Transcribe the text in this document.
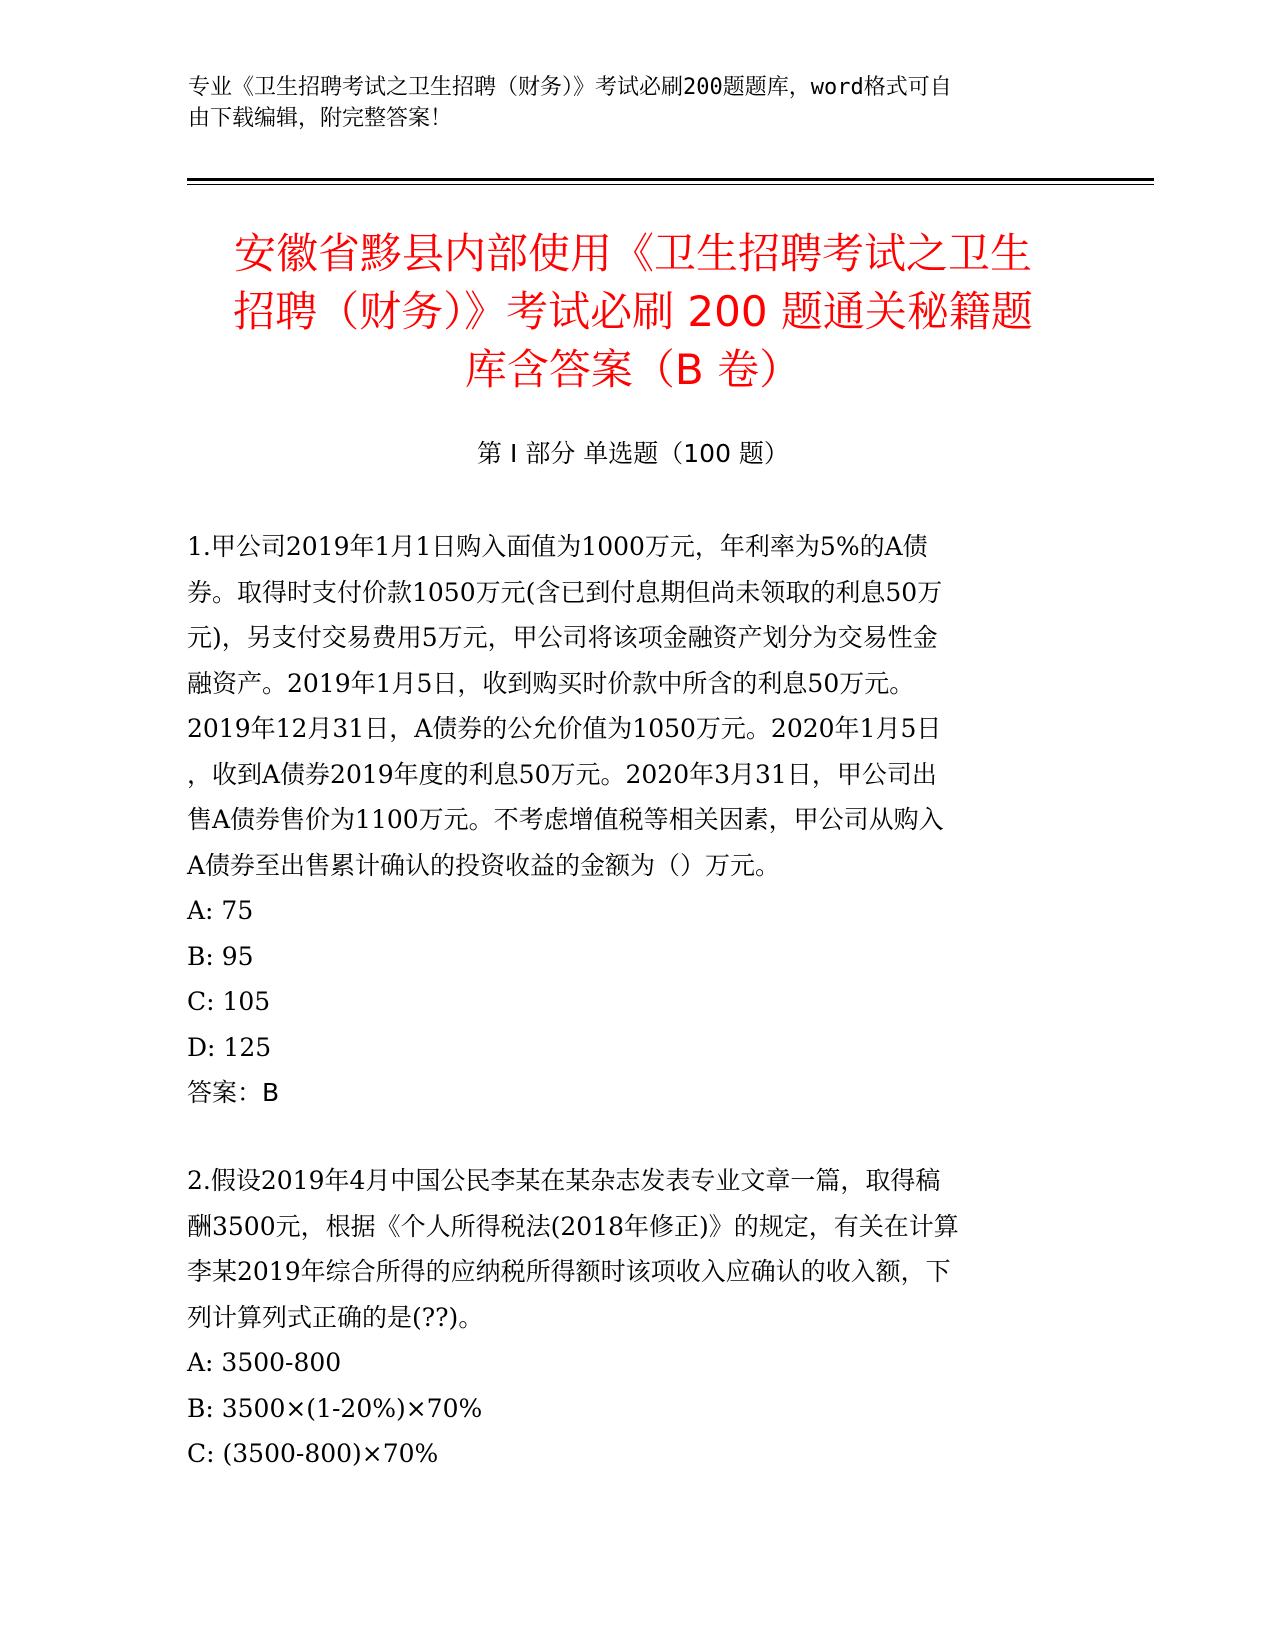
专业《卫生招聘考试之卫生招聘（财务）》考试必刷200题题库，word格式可自
由下载编辑，附完整答案！
安徽省黟县内部使用《卫生招聘考试之卫生
招聘（财务）》考试必刷 200 题通关秘籍题
库含答案（B 卷）
第 I 部分 单选题（100 题）
1.甲公司2019年1月1日购入面值为1000万元，年利率为5%的A债
券。取得时支付价款1050万元(含已到付息期但尚未领取的利息50万
元)，另支付交易费用5万元，甲公司将该项金融资产划分为交易性金
融资产。2019年1月5日，收到购买时价款中所含的利息50万元。
2019年12月31日，A债券的公允价值为1050万元。2020年1月5日
，收到A债券2019年度的利息50万元。2020年3月31日，甲公司出
售A债券售价为1100万元。不考虑增值税等相关因素，甲公司从购入
A债券至出售累计确认的投资收益的金额为（）万元。
A: 75
B: 95
C: 105
D: 125
答案：B
2.假设2019年4月中国公民李某在某杂志发表专业文章一篇，取得稿
酬3500元，根据《个人所得税法(2018年修正)》的规定，有关在计算
李某2019年综合所得的应纳税所得额时该项收入应确认的收入额，下
列计算列式正确的是(??)。
A: 3500-800
B: 3500×(1-20%)×70%
C: (3500-800)×70%
